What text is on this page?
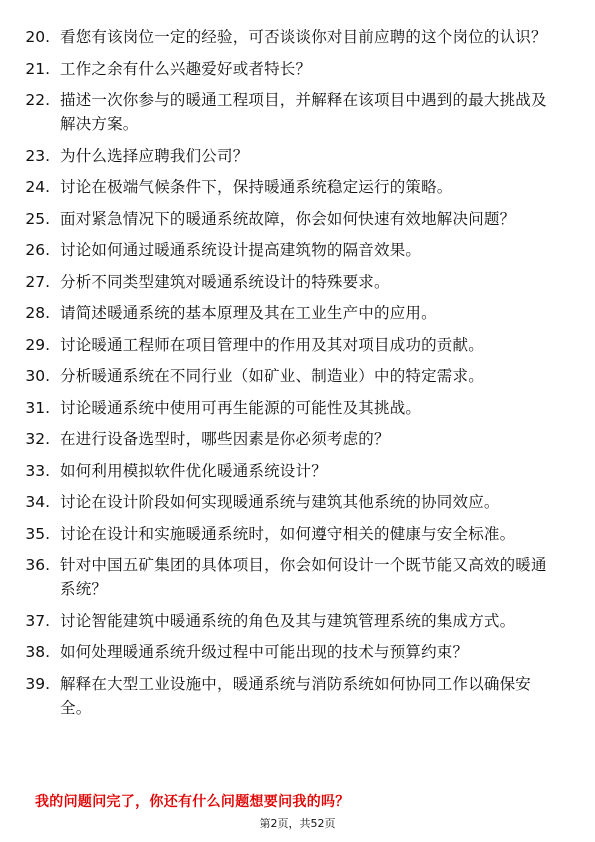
20. 看您有该岗位一定的经验，可否谈谈你对目前应聘的这个岗位的认识？
21. 工作之余有什么兴趣爱好或者特长？
22. 描述一次你参与的暖通工程项目，并解释在该项目中遇到的最大挑战及解决方案。
23. 为什么选择应聘我们公司？
24. 讨论在极端气候条件下，保持暖通系统稳定运行的策略。
25. 面对紧急情况下的暖通系统故障，你会如何快速有效地解决问题？
26. 讨论如何通过暖通系统设计提高建筑物的隔音效果。
27. 分析不同类型建筑对暖通系统设计的特殊要求。
28. 请简述暖通系统的基本原理及其在工业生产中的应用。
29. 讨论暖通工程师在项目管理中的作用及其对项目成功的贡献。
30. 分析暖通系统在不同行业（如矿业、制造业）中的特定需求。
31. 讨论暖通系统中使用可再生能源的可能性及其挑战。
32. 在进行设备选型时，哪些因素是你必须考虑的？
33. 如何利用模拟软件优化暖通系统设计？
34. 讨论在设计阶段如何实现暖通系统与建筑其他系统的协同效应。
35. 讨论在设计和实施暖通系统时，如何遵守相关的健康与安全标准。
36. 针对中国五矿集团的具体项目，你会如何设计一个既节能又高效的暖通系统？
37. 讨论智能建筑中暖通系统的角色及其与建筑管理系统的集成方式。
38. 如何处理暖通系统升级过程中可能出现的技术与预算约束？
39. 解释在大型工业设施中，暖通系统与消防系统如何协同工作以确保安全。
我的问题问完了，你还有什么问题想要问我的吗？
第2页，共52页
